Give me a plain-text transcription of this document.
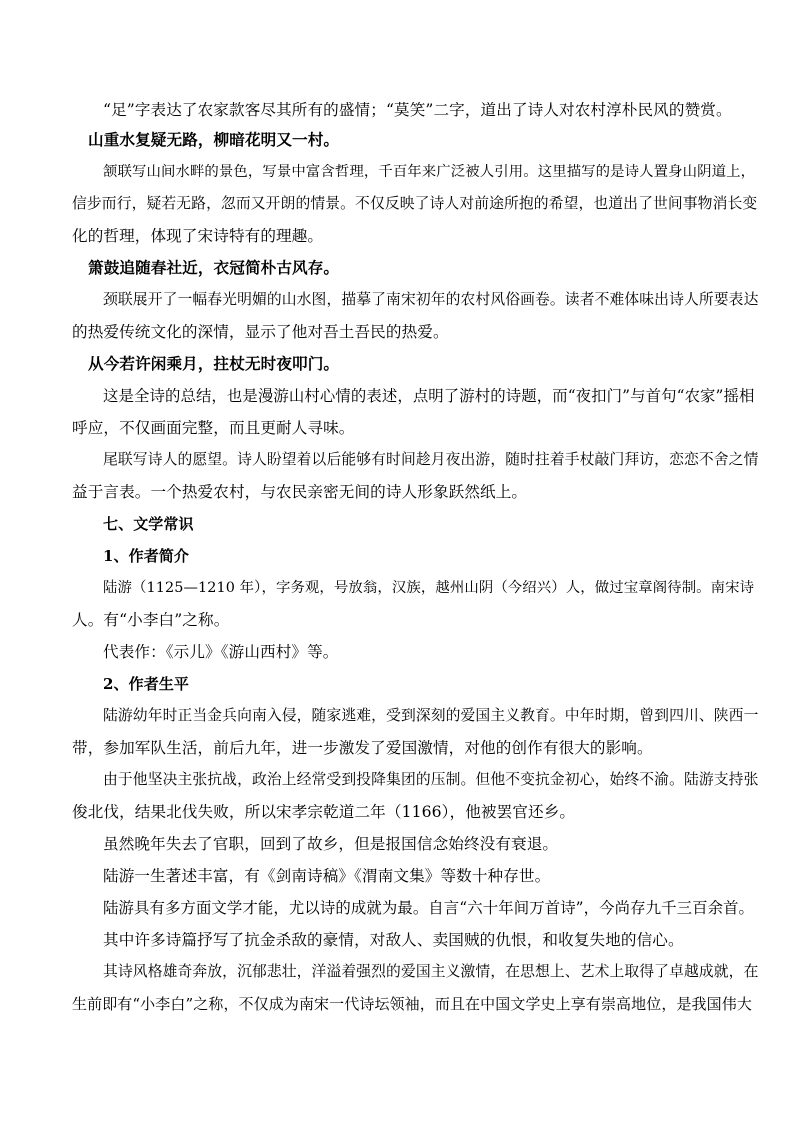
“足”字表达了农家款客尽其所有的盛情；“莫笑”二字，道出了诗人对农村淳朴民风的赞赏。

山重水复疑无路，柳暗花明又一村。

颔联写山间水畔的景色，写景中富含哲理，千百年来广泛被人引用。这里描写的是诗人置身山阴道上，

信步而行，疑若无路，忽而又开朗的情景。不仅反映了诗人对前途所抱的希望，也道出了世间事物消长变

化的哲理，体现了宋诗特有的理趣。

箫鼓追随春社近，衣冠简朴古风存。

颈联展开了一幅春光明媚的山水图，描摹了南宋初年的农村风俗画卷。读者不难体味出诗人所要表达

的热爱传统文化的深情，显示了他对吾土吾民的热爱。

从今若许闲乘月，拄杖无时夜叩门。

这是全诗的总结，也是漫游山村心情的表述，点明了游村的诗题，而“夜扣门”与首句“农家”摇相

呼应，不仅画面完整，而且更耐人寻味。

尾联写诗人的愿望。诗人盼望着以后能够有时间趁月夜出游，随时拄着手杖敲门拜访，恋恋不舍之情

益于言表。一个热爱农村，与农民亲密无间的诗人形象跃然纸上。

七、文学常识

1、作者简介

陆游（1125—1210 年），字务观，号放翁，汉族，越州山阴（今绍兴）人，做过宝章阁待制。南宋诗

人。有“小李白”之称。

代表作：《示儿》《游山西村》等。

2、作者生平

陆游幼年时正当金兵向南入侵，随家逃难，受到深刻的爱国主义教育。中年时期，曾到四川、陕西一

带，参加军队生活，前后九年，进一步激发了爱国激情，对他的创作有很大的影响。

由于他坚决主张抗战，政治上经常受到投降集团的压制。但他不变抗金初心，始终不渝。陆游支持张

俊北伐，结果北伐失败，所以宋孝宗乾道二年（1166），他被罢官还乡。

虽然晚年失去了官职，回到了故乡，但是报国信念始终没有衰退。

陆游一生著述丰富，有《剑南诗稿》《渭南文集》等数十种存世。

陆游具有多方面文学才能，尤以诗的成就为最。自言“六十年间万首诗”，今尚存九千三百余首。

其中许多诗篇抒写了抗金杀敌的豪情，对敌人、卖国贼的仇恨，和收复失地的信心。

其诗风格雄奇奔放，沉郁悲壮，洋溢着强烈的爱国主义激情，在思想上、艺术上取得了卓越成就，在

生前即有“小李白”之称，不仅成为南宋一代诗坛领袖，而且在中国文学史上享有崇高地位，是我国伟大
